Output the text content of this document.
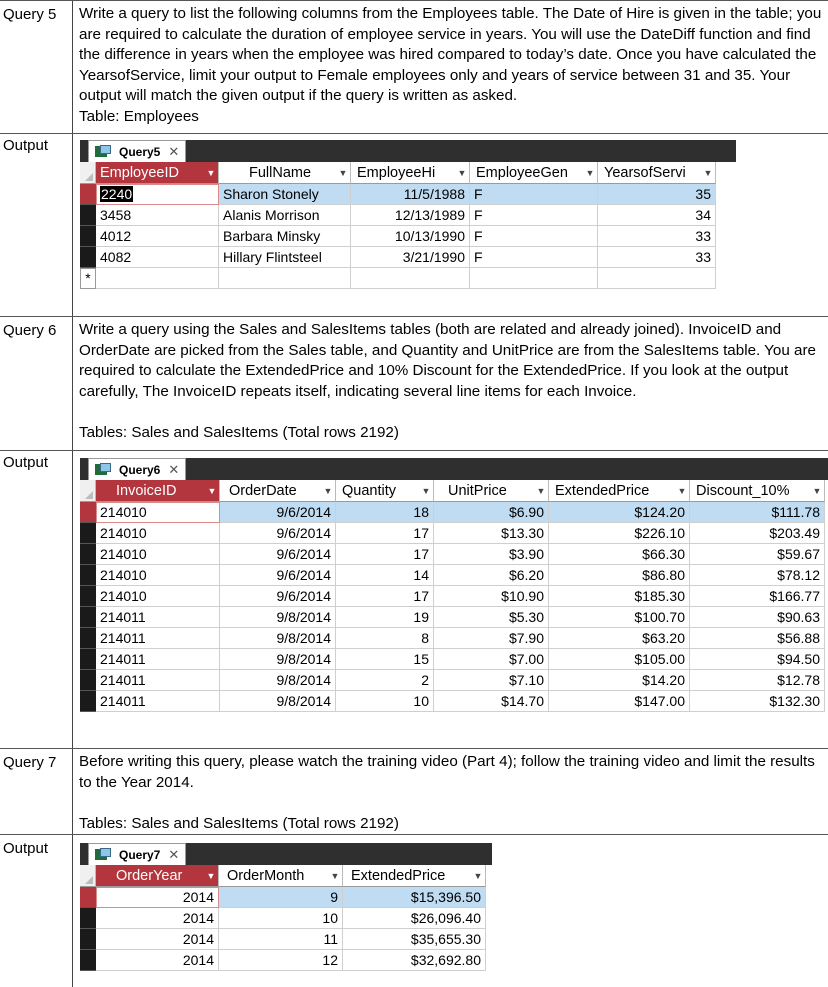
Query 5 Write a query to list the following columns from the Employees table. The Date of Hire is given in the table; you are required to calculate the duration of employee service in years. You will use the DateDiff function and find the difference in years when the employee was hired compared to today’s date. Once you have calculated the YearsofService, limit your output to Female employees only and years of service between 31 and 35. Your output will match the given output if the query is written as asked.
Table: Employees
Output	Query5 ✕
EmployeeID	▼	FullName	▼ EmployeeHi	▼ EmployeeGen	▼ YearsofServi	▼
2240	Sharon Stonely	11/5/1988 F	35
3458	Alanis Morrison	12/13/1989 F	34
4012	Barbara Minsky	10/13/1990 F	33
4082	Hillary Flintsteel	3/21/1990 F	33
*
Query 6 Write a query using the Sales and SalesItems tables (both are related and already joined). InvoiceID and OrderDate are picked from the Sales table, and Quantity and UnitPrice are from the SalesItems table. You are required to calculate the ExtendedPrice and 10% Discount for the ExtendedPrice. If you look at the output carefully, The InvoiceID repeats itself, indicating several line items for each Invoice.
Tables: Sales and SalesItems (Total rows 2192)
Output	Query6 ✕
InvoiceID	▼ OrderDate	▼ Quantity	▼	UnitPrice	▼ ExtendedPrice	▼ Discount_10%	▼
214010	9/6/2014	18	$6.90	$124.20	$111.78
214010	9/6/2014	17	$13.30	$226.10	$203.49
214010	9/6/2014	17	$3.90	$66.30	$59.67
214010	9/6/2014	14	$6.20	$86.80	$78.12
214010	9/6/2014	17	$10.90	$185.30	$166.77
214011	9/8/2014	19	$5.30	$100.70	$90.63
214011	9/8/2014	8	$7.90	$63.20	$56.88
214011	9/8/2014	15	$7.00	$105.00	$94.50
214011	9/8/2014	2	$7.10	$14.20	$12.78
214011	9/8/2014	10	$14.70	$147.00	$132.30
Query 7 Before writing this query, please watch the training video (Part 4); follow the training video and limit the results to the Year 2014.
Tables: Sales and SalesItems (Total rows 2192)
Output	Query7 ✕
OrderYear	▼ OrderMonth	▼ ExtendedPrice	▼
2014	9	$15,396.50
2014	10	$26,096.40
2014	11	$35,655.30
2014	12	$32,692.80
